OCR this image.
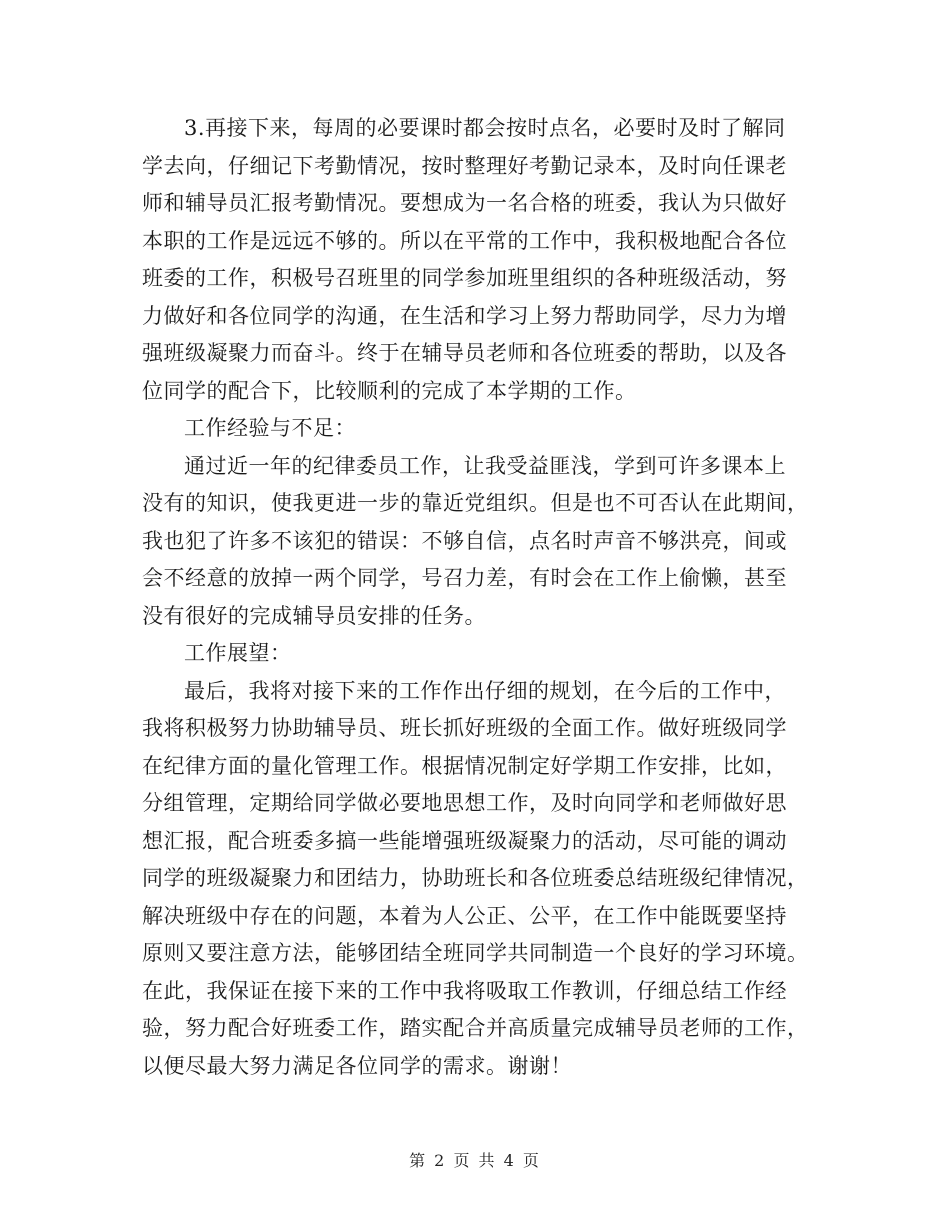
3.再接下来，每周的必要课时都会按时点名，必要时及时了解同
学去向，仔细记下考勤情况，按时整理好考勤记录本，及时向任课老
师和辅导员汇报考勤情况。要想成为一名合格的班委，我认为只做好
本职的工作是远远不够的。所以在平常的工作中，我积极地配合各位
班委的工作，积极号召班里的同学参加班里组织的各种班级活动，努
力做好和各位同学的沟通，在生活和学习上努力帮助同学，尽力为增
强班级凝聚力而奋斗。终于在辅导员老师和各位班委的帮助，以及各
位同学的配合下，比较顺利的完成了本学期的工作。
工作经验与不足：
通过近一年的纪律委员工作，让我受益匪浅，学到可许多课本上
没有的知识，使我更进一步的靠近党组织。但是也不可否认在此期间，
我也犯了许多不该犯的错误：不够自信，点名时声音不够洪亮，间或
会不经意的放掉一两个同学，号召力差，有时会在工作上偷懒，甚至
没有很好的完成辅导员安排的任务。
工作展望：
最后，我将对接下来的工作作出仔细的规划，在今后的工作中，
我将积极努力协助辅导员、班长抓好班级的全面工作。做好班级同学
在纪律方面的量化管理工作。根据情况制定好学期工作安排，比如，
分组管理，定期给同学做必要地思想工作，及时向同学和老师做好思
想汇报，配合班委多搞一些能增强班级凝聚力的活动，尽可能的调动
同学的班级凝聚力和团结力，协助班长和各位班委总结班级纪律情况，
解决班级中存在的问题，本着为人公正、公平，在工作中能既要坚持
原则又要注意方法，能够团结全班同学共同制造一个良好的学习环境。
在此，我保证在接下来的工作中我将吸取工作教训，仔细总结工作经
验，努力配合好班委工作，踏实配合并高质量完成辅导员老师的工作，
以便尽最大努力满足各位同学的需求。谢谢！
第 2 页 共 4 页
